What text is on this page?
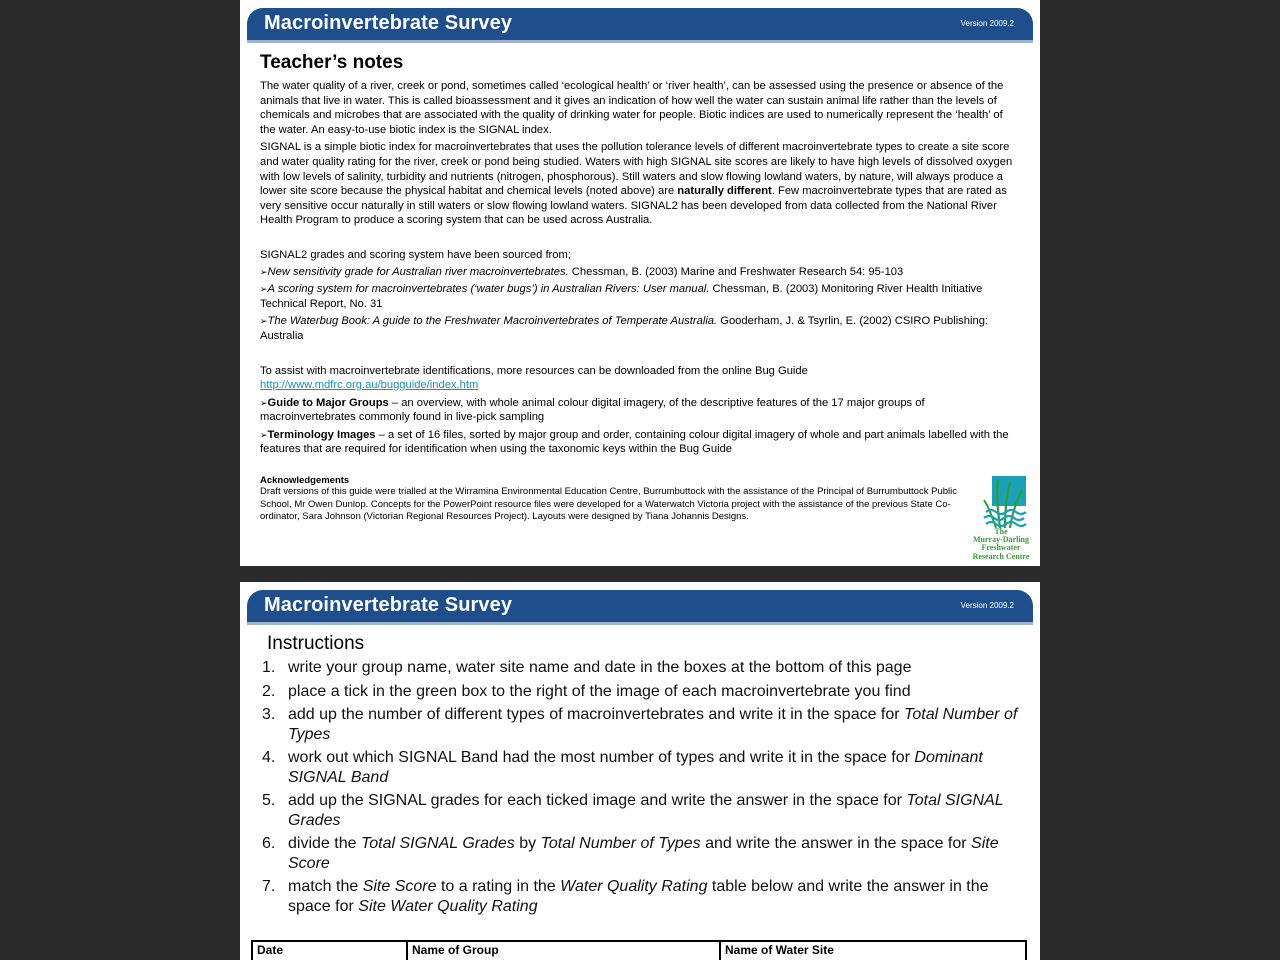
Macroinvertebrate Survey	Version 2009.2
Teacher’s notes

The water quality of a river, creek or pond, sometimes called ‘ecological health’ or ‘river health’, can be assessed using the presence or absence of the animals that live in water. This is called bioassessment and it gives an indication of how well the water can sustain animal life rather than the levels of chemicals and microbes that are associated with the quality of drinking water for people. Biotic indices are used to numerically represent the ‘health’ of the water. An easy-to-use biotic index is the SIGNAL index.

SIGNAL is a simple biotic index for macroinvertebrates that uses the pollution tolerance levels of different macroinvertebrate types to create a site score and water quality rating for the river, creek or pond being studied. Waters with high SIGNAL site scores are likely to have high levels of dissolved oxygen with low levels of salinity, turbidity and nutrients (nitrogen, phosphorous). Still waters and slow flowing lowland waters, by nature, will always produce a lower site score because the physical habitat and chemical levels (noted above) are naturally different. Few macroinvertebrate types that are rated as very sensitive occur naturally in still waters or slow flowing lowland waters. SIGNAL2 has been developed from data collected from the National River Health Program to produce a scoring system that can be used across Australia.

SIGNAL2 grades and scoring system have been sourced from;

➢New sensitivity grade for Australian river macroinvertebrates. Chessman, B. (2003) Marine and Freshwater Research 54: 95-103

➢A scoring system for macroinvertebrates (‘water bugs’) in Australian Rivers: User manual. Chessman, B. (2003) Monitoring River Health Initiative Technical Report, No. 31

➢The Waterbug Book: A guide to the Freshwater Macroinvertebrates of Temperate Australia. Gooderham, J. & Tsyrlin, E. (2002) CSIRO Publishing: Australia

To assist with macroinvertebrate identifications, more resources can be downloaded from the online Bug Guide

http://www.mdfrc.org.au/bugguide/index.htm

➢Guide to Major Groups – an overview, with whole animal colour digital imagery, of the descriptive features of the 17 major groups of macroinvertebrates commonly found in live-pick sampling

➢Terminology Images – a set of 16 files, sorted by major group and order, containing colour digital imagery of whole and part animals labelled with the features that are required for identification when using the taxonomic keys within the Bug Guide

Acknowledgements

Draft versions of this guide were trialled at the Wirramina Environmental Education Centre, Burrumbuttock with the assistance of the Principal of Burrumbuttock Public School, Mr Owen Dunlop. Concepts for the PowerPoint resource files were developed for a Waterwatch Victoria project with the assistance of the previous State Co-ordinator, Sara Johnson (Victorian Regional Resources Project). Layouts were designed by Tiana Johannis Designs.

The
Murray-Darling
Freshwater
Research Centre
Macroinvertebrate Survey	Version 2009.2
Instructions
1. write your group name, water site name and date in the boxes at the bottom of this page
2. place a tick in the green box to the right of the image of each macroinvertebrate you find
3. add up the number of different types of macroinvertebrates and write it in the space for Total Number of Types
4. work out which SIGNAL Band had the most number of types and write it in the space for Dominant SIGNAL Band
5. add up the SIGNAL grades for each ticked image and write the answer in the space for Total SIGNAL Grades
6. divide the Total SIGNAL Grades by Total Number of Types and write the answer in the space for Site Score
7. match the Site Score to a rating in the Water Quality Rating table below and write the answer in the space for Site Water Quality Rating
Date	Name of Group	Name of Water Site
